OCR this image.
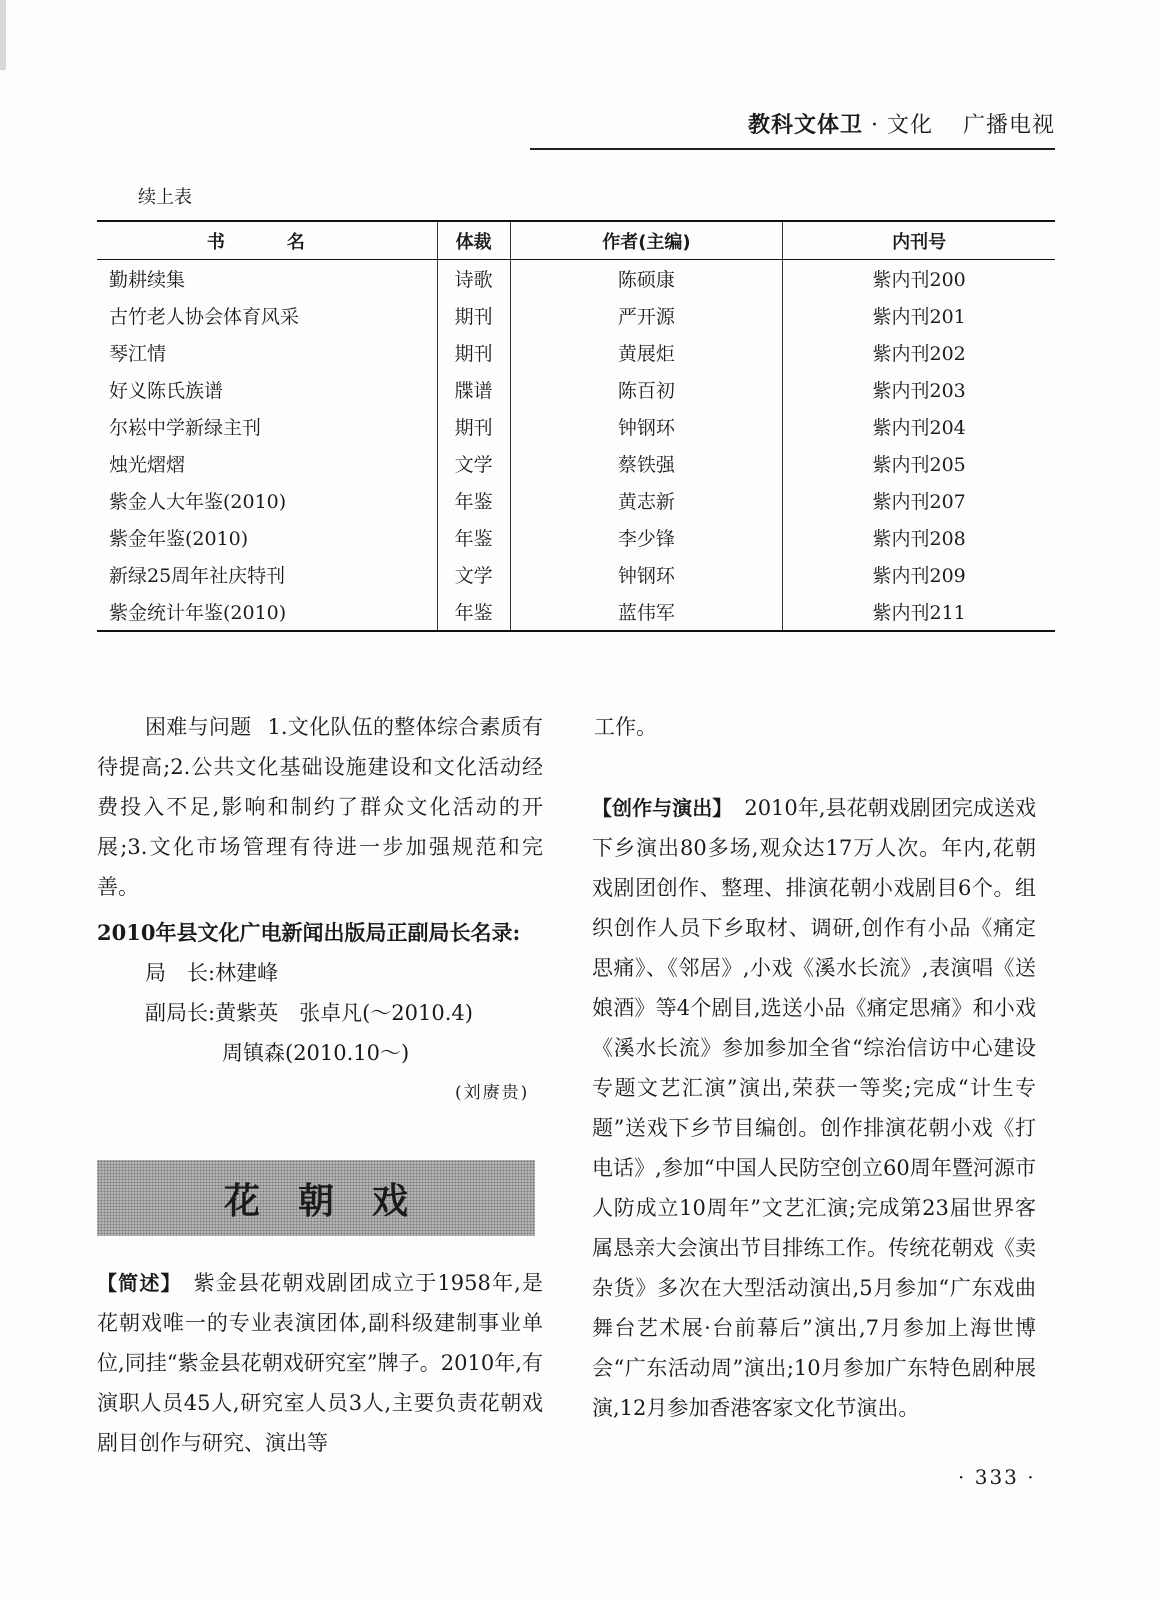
教科文体卫 · 文化 广播电视
续上表
书　名	体裁	作者(主编)	内刊号
勤耕续集	诗歌	陈硕康	紫内刊200
古竹老人协会体育风采	期刊	严开源	紫内刊201
琴江情	期刊	黄展炬	紫内刊202
好义陈氏族谱	牒谱	陈百初	紫内刊203
尔崧中学新绿主刊	期刊	钟钢环	紫内刊204
烛光熠熠	文学	蔡铁强	紫内刊205
紫金人大年鉴(2010)	年鉴	黄志新	紫内刊207
紫金年鉴(2010)	年鉴	李少锋	紫内刊208
新绿25周年社庆特刊	文学	钟钢环	紫内刊209
紫金统计年鉴(2010)	年鉴	蓝伟军	紫内刊211
困难与问题 1.文化队伍的整体综合素质有待提高;2.公共文化基础设施建设和文化活动经费投入不足,影响和制约了群众文化活动的开展;3.文化市场管理有待进一步加强规范和完善。
2010年县文化广电新闻出版局正副局长名录:
局　长:林建峰
副局长:黄紫英　张卓凡(～2010.4)
周镇森(2010.10～)
(刘赓贵)
花朝戏
【简述】 紫金县花朝戏剧团成立于1958年,是花朝戏唯一的专业表演团体,副科级建制事业单位,同挂“紫金县花朝戏研究室”牌子。2010年,有演职人员45人,研究室人员3人,主要负责花朝戏剧目创作与研究、演出等
工作。
【创作与演出】 2010年,县花朝戏剧团完成送戏下乡演出80多场,观众达17万人次。年内,花朝戏剧团创作、整理、排演花朝小戏剧目6个。组织创作人员下乡取材、调研,创作有小品《痛定思痛》、《邻居》,小戏《溪水长流》,表演唱《送娘酒》等4个剧目,选送小品《痛定思痛》和小戏《溪水长流》参加参加全省“综治信访中心建设专题文艺汇演”演出,荣获一等奖;完成“计生专题”送戏下乡节目编创。创作排演花朝小戏《打电话》,参加“中国人民防空创立60周年暨河源市人防成立10周年”文艺汇演;完成第23届世界客属恳亲大会演出节目排练工作。传统花朝戏《卖杂货》多次在大型活动演出,5月参加“广东戏曲舞台艺术展·台前幕后”演出,7月参加上海世博会“广东活动周”演出;10月参加广东特色剧种展演,12月参加香港客家文化节演出。
· 333 ·
